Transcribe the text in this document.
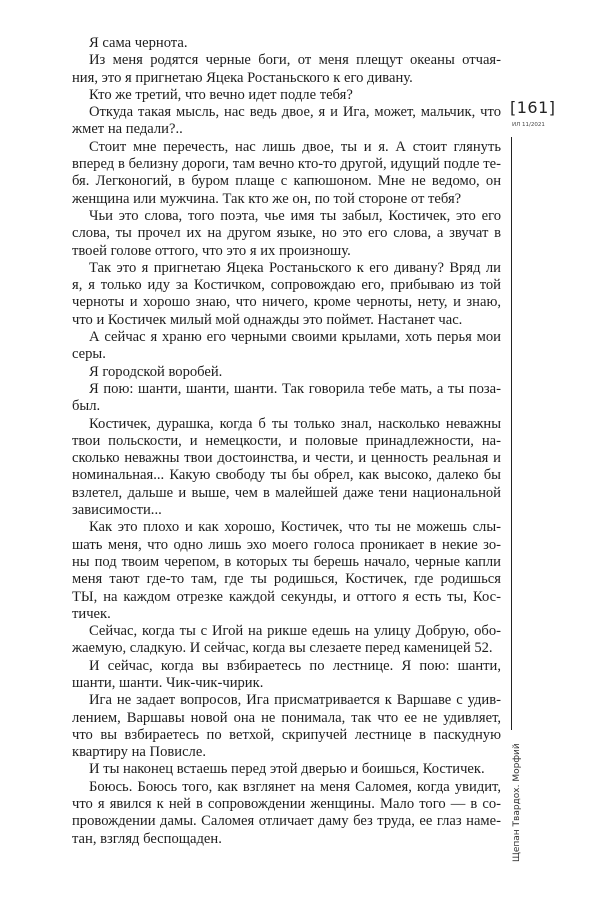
Я сама чернота.
Из меня родятся черные боги, от меня плещут океаны отчая-
ния, это я пригнетаю Яцека Ростаньского к его дивану.
Кто же третий, что вечно идет подле тебя?
Откуда такая мысль, нас ведь двое, я и Ига, может, мальчик, что
жмет на педали?..
Стоит мне перечесть, нас лишь двое, ты и я. А стоит глянуть
вперед в белизну дороги, там вечно кто-то другой, идущий подле те-
бя. Легконогий, в буром плаще с капюшоном. Мне не ведомо, он
женщина или мужчина. Так кто же он, по той стороне от тебя?
Чьи это слова, того поэта, чье имя ты забыл, Костичек, это его
слова, ты прочел их на другом языке, но это его слова, а звучат в
твоей голове оттого, что это я их произношу.
Так это я пригнетаю Яцека Ростаньского к его дивану? Вряд ли
я, я только иду за Костичком, сопровождаю его, прибываю из той
черноты и хорошо знаю, что ничего, кроме черноты, нету, и знаю,
что и Костичек милый мой однажды это поймет. Настанет час.
А сейчас я храню его черными своими крылами, хоть перья мои
серы.
Я городской воробей.
Я пою: шанти, шанти, шанти. Так говорила тебе мать, а ты поза-
был.
Костичек, дурашка, когда б ты только знал, насколько неважны
твои польскости, и немецкости, и половые принадлежности, на-
сколько неважны твои достоинства, и чести, и ценность реальная и
номинальная... Какую свободу ты бы обрел, как высоко, далеко бы
взлетел, дальше и выше, чем в малейшей даже тени национальной
зависимости...
Как это плохо и как хорошо, Костичек, что ты не можешь слы-
шать меня, что одно лишь эхо моего голоса проникает в некие зо-
ны под твоим черепом, в которых ты берешь начало, черные капли
меня тают где-то там, где ты родишься, Костичек, где родишься
ТЫ, на каждом отрезке каждой секунды, и оттого я есть ты, Кос-
тичек.
Сейчас, когда ты с Игой на рикше едешь на улицу Добрую, обо-
жаемую, сладкую. И сейчас, когда вы слезаете перед каменицей 52.
И сейчас, когда вы взбираетесь по лестнице. Я пою: шанти,
шанти, шанти. Чик-чик-чирик.
Ига не задает вопросов, Ига присматривается к Варшаве с удив-
лением, Варшавы новой она не понимала, так что ее не удивляет,
что вы взбираетесь по ветхой, скрипучей лестнице в паскудную
квартиру на Повисле.
И ты наконец встаешь перед этой дверью и боишься, Костичек.
Боюсь. Боюсь того, как взглянет на меня Саломея, когда увидит,
что я явился к ней в сопровождении женщины. Мало того — в со-
провождении дамы. Саломея отличает даму без труда, ее глаз наме-
тан, взгляд беспощаден.
[161]
ИЛ 11/2021
Щепан Твардох. Морфий
